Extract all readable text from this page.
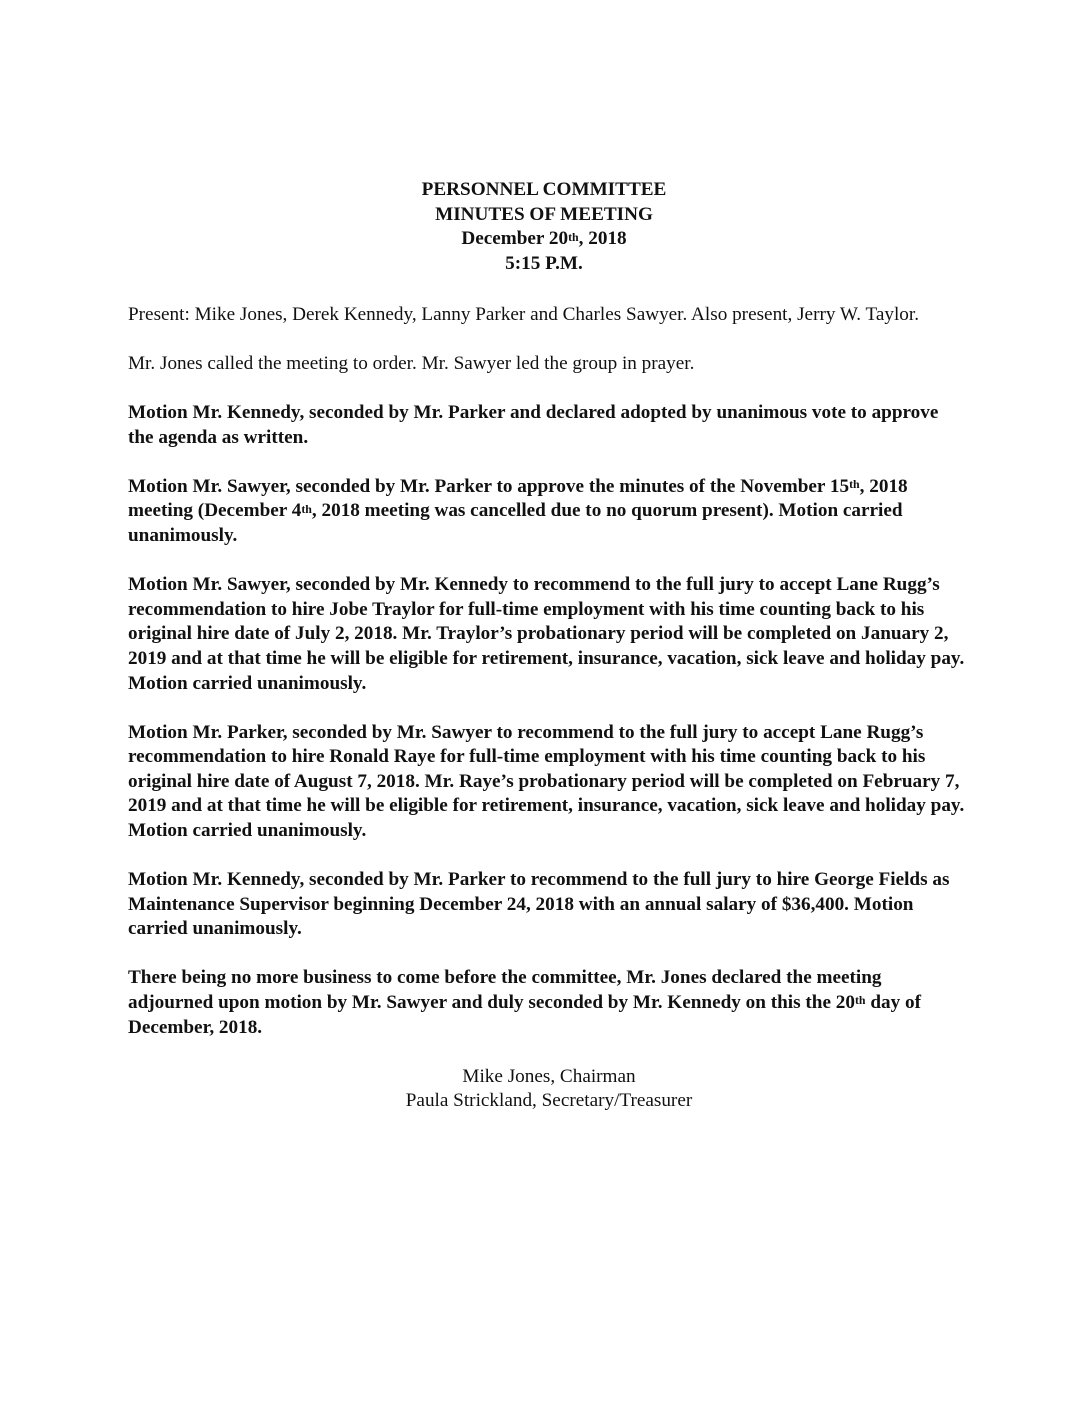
PERSONNEL COMMITTEE
MINUTES OF MEETING
December 20th, 2018
5:15 P.M.

Present: Mike Jones, Derek Kennedy, Lanny Parker and Charles Sawyer. Also present, Jerry W. Taylor.

Mr. Jones called the meeting to order. Mr. Sawyer led the group in prayer.

Motion Mr. Kennedy, seconded by Mr. Parker and declared adopted by unanimous vote to approve the agenda as written.

Motion Mr. Sawyer, seconded by Mr. Parker to approve the minutes of the November 15th, 2018 meeting (December 4th, 2018 meeting was cancelled due to no quorum present). Motion carried unanimously.

Motion Mr. Sawyer, seconded by Mr. Kennedy to recommend to the full jury to accept Lane Rugg’s recommendation to hire Jobe Traylor for full-time employment with his time counting back to his original hire date of July 2, 2018. Mr. Traylor’s probationary period will be completed on January 2, 2019 and at that time he will be eligible for retirement, insurance, vacation, sick leave and holiday pay. Motion carried unanimously.

Motion Mr. Parker, seconded by Mr. Sawyer to recommend to the full jury to accept Lane Rugg’s recommendation to hire Ronald Raye for full-time employment with his time counting back to his original hire date of August 7, 2018. Mr. Raye’s probationary period will be completed on February 7, 2019 and at that time he will be eligible for retirement, insurance, vacation, sick leave and holiday pay. Motion carried unanimously.

Motion Mr. Kennedy, seconded by Mr. Parker to recommend to the full jury to hire George Fields as Maintenance Supervisor beginning December 24, 2018 with an annual salary of $36,400. Motion carried unanimously.

There being no more business to come before the committee, Mr. Jones declared the meeting adjourned upon motion by Mr. Sawyer and duly seconded by Mr. Kennedy on this the 20th day of December, 2018.

Mike Jones, Chairman
Paula Strickland, Secretary/Treasurer
